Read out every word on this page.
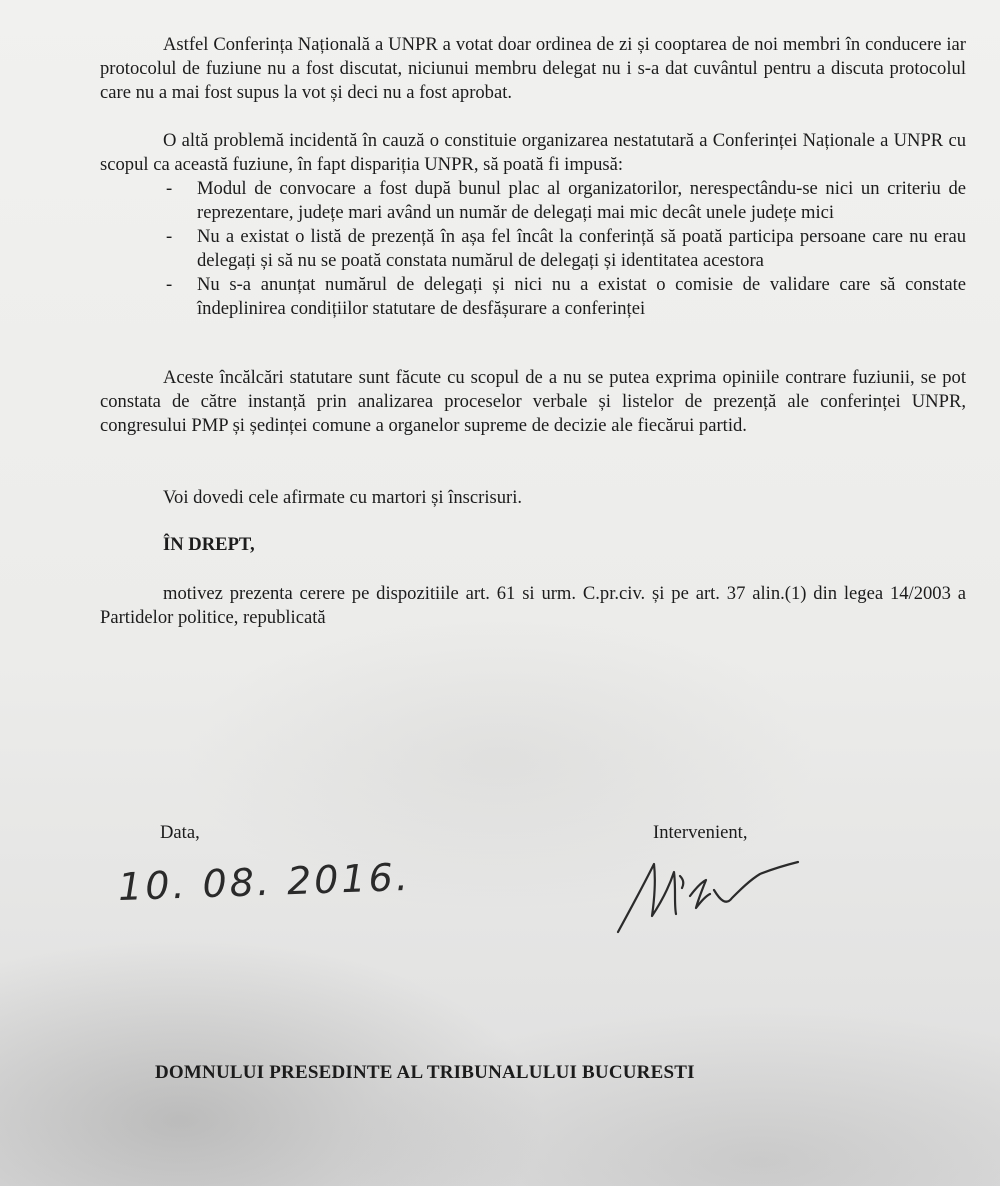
Astfel Conferința Națională a UNPR a votat doar ordinea de zi și cooptarea de noi membri în conducere iar protocolul de fuziune nu a fost discutat, niciunui membru delegat nu i s-a dat cuvântul pentru a discuta protocolul care nu a mai fost supus la vot și deci nu a fost aprobat.

O altă problemă incidentă în cauză o constituie organizarea nestatutară a Conferinței Naționale a UNPR cu scopul ca această fuziune, în fapt dispariția UNPR, să poată fi impusă:

- Modul de convocare a fost după bunul plac al organizatorilor, nerespectându-se nici un criteriu de reprezentare, județe mari având un număr de delegați mai mic decât unele județe mici
- Nu a existat o listă de prezență în așa fel încât la conferință să poată participa persoane care nu erau delegați și să nu se poată constata numărul de delegați și identitatea acestora
- Nu s-a anunțat numărul de delegați și nici nu a existat o comisie de validare care să constate îndeplinirea condițiilor statutare de desfășurare a conferinței

Aceste încălcări statutare sunt făcute cu scopul de a nu se putea exprima opiniile contrare fuziunii, se pot constata de către instanță prin analizarea proceselor verbale și listelor de prezență ale conferinței UNPR, congresului PMP și ședinței comune a organelor supreme de decizie ale fiecărui partid.

Voi dovedi cele afirmate cu martori și înscrisuri.

ÎN DREPT,

motivez prezenta cerere pe dispozitiile art. 61 si urm. C.pr.civ. și pe art. 37 alin.(1) din legea 14/2003 a Partidelor politice, republicată

Data,	Intervenient,

10. 08. 2016.

DOMNULUI PRESEDINTE AL TRIBUNALULUI BUCURESTI
